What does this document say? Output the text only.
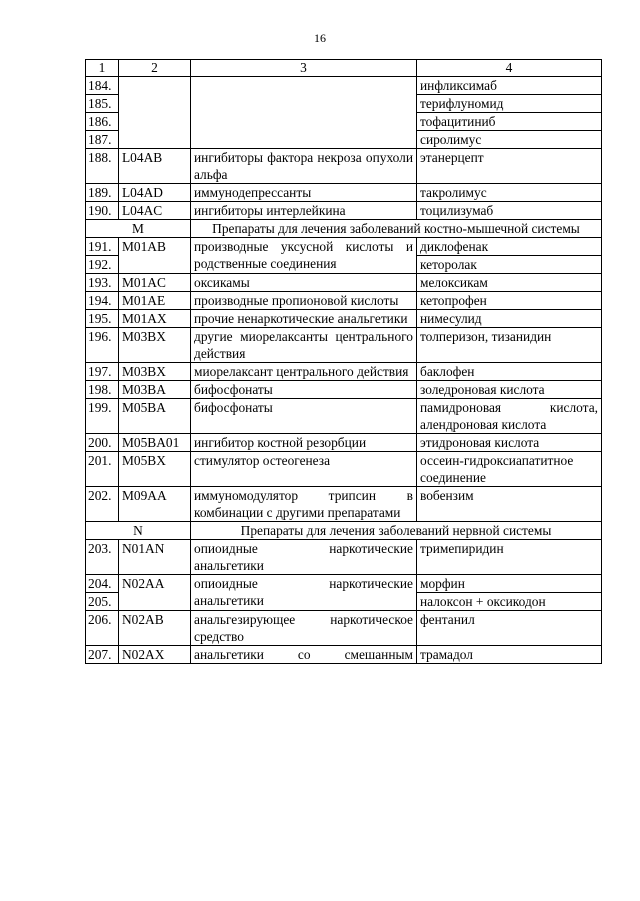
16
1	2	3	4
184.			инфликсимаб
185.			терифлуномид
186.			тофацитиниб
187.			сиролимус
188.	L04AB	ингибиторы фактора некроза опухоли альфа	этанерцепт
189.	L04AD	иммунодепрессанты	такролимус
190.	L04AC	ингибиторы интерлейкина	тоцилизумаб
M		Препараты для лечения заболеваний костно-мышечной системы	
191.	M01AB	производные уксусной кислоты и родственные соединения	диклофенак
192.			кеторолак
193.	M01AC	оксикамы	мелоксикам
194.	M01AE	производные пропионовой кислоты	кетопрофен
195.	M01AX	прочие ненаркотические анальгетики	нимесулид
196.	M03BX	другие миорелаксанты центрального действия	толперизон, тизанидин
197.	M03BX	миорелаксант центрального действия	баклофен
198.	M03BA	бифосфонаты	золедроновая кислота
199.	M05BA	бифосфонаты	памидроновая кислота, алендроновая кислота
200.	M05BA01	ингибитор костной резорбции	этидроновая кислота
201.	M05BX	стимулятор остеогенеза	оссеин-гидроксиапатитное соединение
202.	M09AA	иммуномодулятор трипсин в комбинации с другими препаратами	вобензим
N		Препараты для лечения заболеваний нервной системы	
203.	N01AN	опиоидные наркотические анальгетики	тримепиридин
204.	N02AA	опиоидные наркотические анальгетики	морфин
205.			налоксон + оксикодон
206.	N02AB	анальгезирующее наркотическое средство	фентанил
207.	N02AX	анальгетики со смешанным	трамадол
